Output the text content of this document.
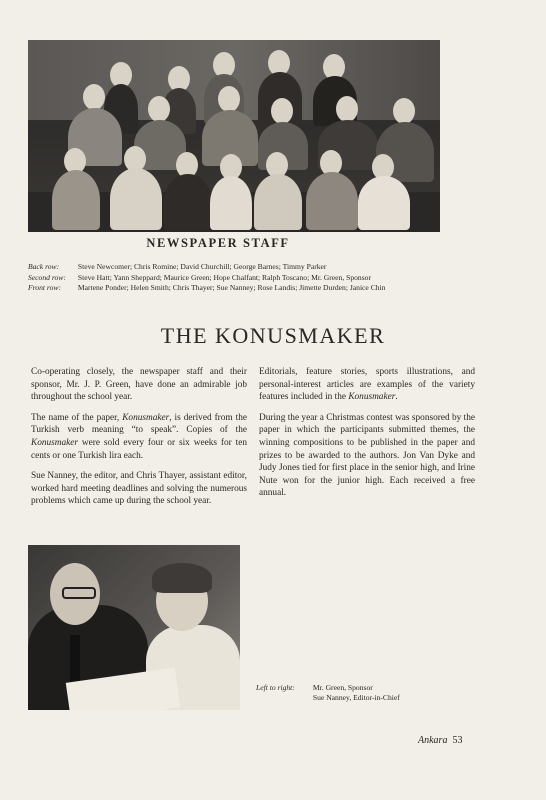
NEWSPAPER STAFF
Back row: Steve Newcomer; Chris Romine; David Churchill; George Barnes; Timmy Parker
Second row: Steve Hatt; Yann Sheppard; Maurice Green; Hope Chalfant; Ralph Toscano; Mr. Green, Sponsor
Front row: Martene Ponder; Helen Smith; Chris Thayer; Sue Nanney; Rose Landis; Jimette Durden; Janice Chin
THE KONUSMAKER

Co-operating closely, the newspaper staff and their sponsor, Mr. J. P. Green, have done an admirable job throughout the school year.

The name of the paper, Konusmaker, is derived from the Turkish verb meaning “to speak”. Copies of the Konusmaker were sold every four or six weeks for ten cents or one Turkish lira each.

Sue Nanney, the editor, and Chris Thayer, assistant editor, worked hard meeting deadlines and solving the numerous problems which came up during the school year.

Editorials, feature stories, sports illustrations, and personal-interest articles are examples of the variety features included in the Konusmaker.

During the year a Christmas contest was sponsored by the paper in which the participants submitted themes, the winning compositions to be published in the paper and prizes to be awarded to the authors. Jon Van Dyke and Judy Jones tied for first place in the senior high, and Irine Nute won for the junior high. Each received a free annual.

Left to right: Mr. Green, Sponsor
Sue Nanney, Editor-in-Chief
Ankara 53
